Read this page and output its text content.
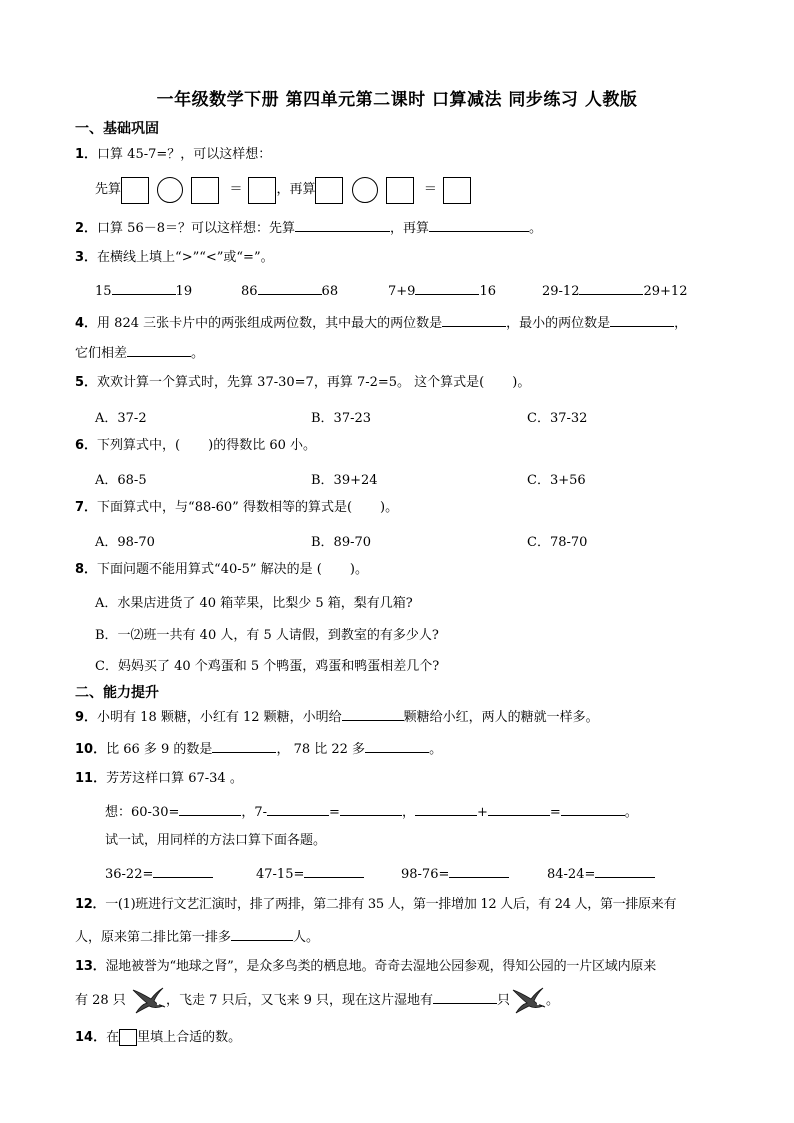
一年级数学下册 第四单元第二课时 口算减法 同步练习 人教版
一、基础巩固
1．口算 45-7=？，可以这样想：
先算	＝	，再算	＝
2．口算 56－8＝？可以这样想：先算	，再算	。
3．在横线上填上“>”“<”或“=”。
15	19	86	68	7+9	16	29-12	29+12
4．用 824 三张卡片中的两张组成两位数，其中最大的两位数是	，最小的两位数是	，
它们相差	。
5．欢欢计算一个算式时，先算 37-30=7，再算 7-2=5。 这个算式是( )。
A．37-2	B．37-23	C．37-32
6．下列算式中，( )的得数比 60 小。
A．68-5	B．39+24	C．3+56
7．下面算式中，与“88-60” 得数相等的算式是( )。
A．98-70	B．89-70	C．78-70
8．下面问题不能用算式“40-5” 解决的是 ( )。
A．水果店进货了 40 箱苹果，比梨少 5 箱，梨有几箱?
B．一⑵班一共有 40 人，有 5 人请假，到教室的有多少人?
C．妈妈买了 40 个鸡蛋和 5 个鸭蛋，鸡蛋和鸭蛋相差几个?
二、能力提升
9．小明有 18 颗糖，小红有 12 颗糖，小明给	颗糖给小红，两人的糖就一样多。
10．比 66 多 9 的数是	， 78 比 22 多	。
11．芳芳这样口算 67-34 。
想：60-30=	，7-	=	，	+	=	。
试一试，用同样的方法口算下面各题。
36-22=	47-15=	98-76=	84-24=
12．一(1)班进行文艺汇演时，排了两排，第二排有 35 人，第一排增加 12 人后，有 24 人，第一排原来有
人，原来第二排比第一排多	人。
13．湿地被誉为“地球之肾”，是众多鸟类的栖息地。奇奇去湿地公园参观，得知公园的一片区域内原来
有 28 只	，飞走 7 只后，又飞来 9 只，现在这片湿地有	只	。
14．在 里填上合适的数。
